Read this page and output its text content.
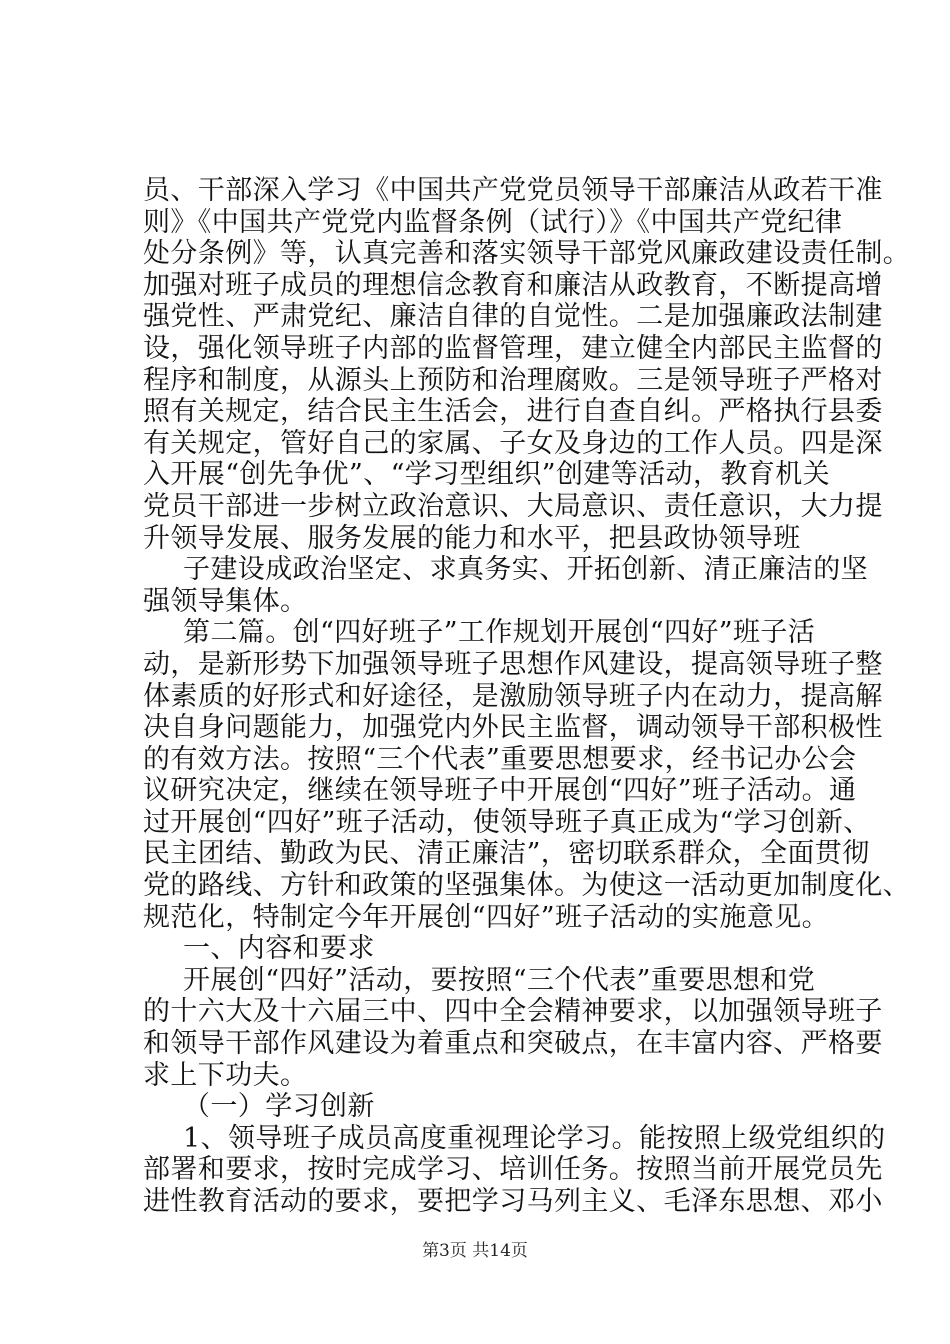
员、干部深入学习《中国共产党党员领导干部廉洁从政若干准
则》《中国共产党党内监督条例（试行）》《中国共产党纪律
处分条例》等，认真完善和落实领导干部党风廉政建设责任制。
加强对班子成员的理想信念教育和廉洁从政教育，不断提高增
强党性、严肃党纪、廉洁自律的自觉性。二是加强廉政法制建
设，强化领导班子内部的监督管理，建立健全内部民主监督的
程序和制度，从源头上预防和治理腐败。三是领导班子严格对
照有关规定，结合民主生活会，进行自查自纠。严格执行县委
有关规定，管好自己的家属、子女及身边的工作人员。四是深
入开展“创先争优”、“学习型组织”创建等活动，教育机关
党员干部进一步树立政治意识、大局意识、责任意识，大力提
升领导发展、服务发展的能力和水平，把县政协领导班
子建设成政治坚定、求真务实、开拓创新、清正廉洁的坚
强领导集体。
第二篇。创“四好班子”工作规划开展创“四好”班子活
动，是新形势下加强领导班子思想作风建设，提高领导班子整
体素质的好形式和好途径，是激励领导班子内在动力，提高解
决自身问题能力，加强党内外民主监督，调动领导干部积极性
的有效方法。按照“三个代表”重要思想要求，经书记办公会
议研究决定，继续在领导班子中开展创“四好”班子活动。通
过开展创“四好”班子活动，使领导班子真正成为“学习创新、
民主团结、勤政为民、清正廉洁”，密切联系群众，全面贯彻
党的路线、方针和政策的坚强集体。为使这一活动更加制度化、
规范化，特制定今年开展创“四好”班子活动的实施意见。
一、内容和要求
开展创“四好”活动，要按照“三个代表”重要思想和党
的十六大及十六届三中、四中全会精神要求，以加强领导班子
和领导干部作风建设为着重点和突破点，在丰富内容、严格要
求上下功夫。
（一）学习创新
1、领导班子成员高度重视理论学习。能按照上级党组织的
部署和要求，按时完成学习、培训任务。按照当前开展党员先
进性教育活动的要求，要把学习马列主义、毛泽东思想、邓小
第3页 共14页
